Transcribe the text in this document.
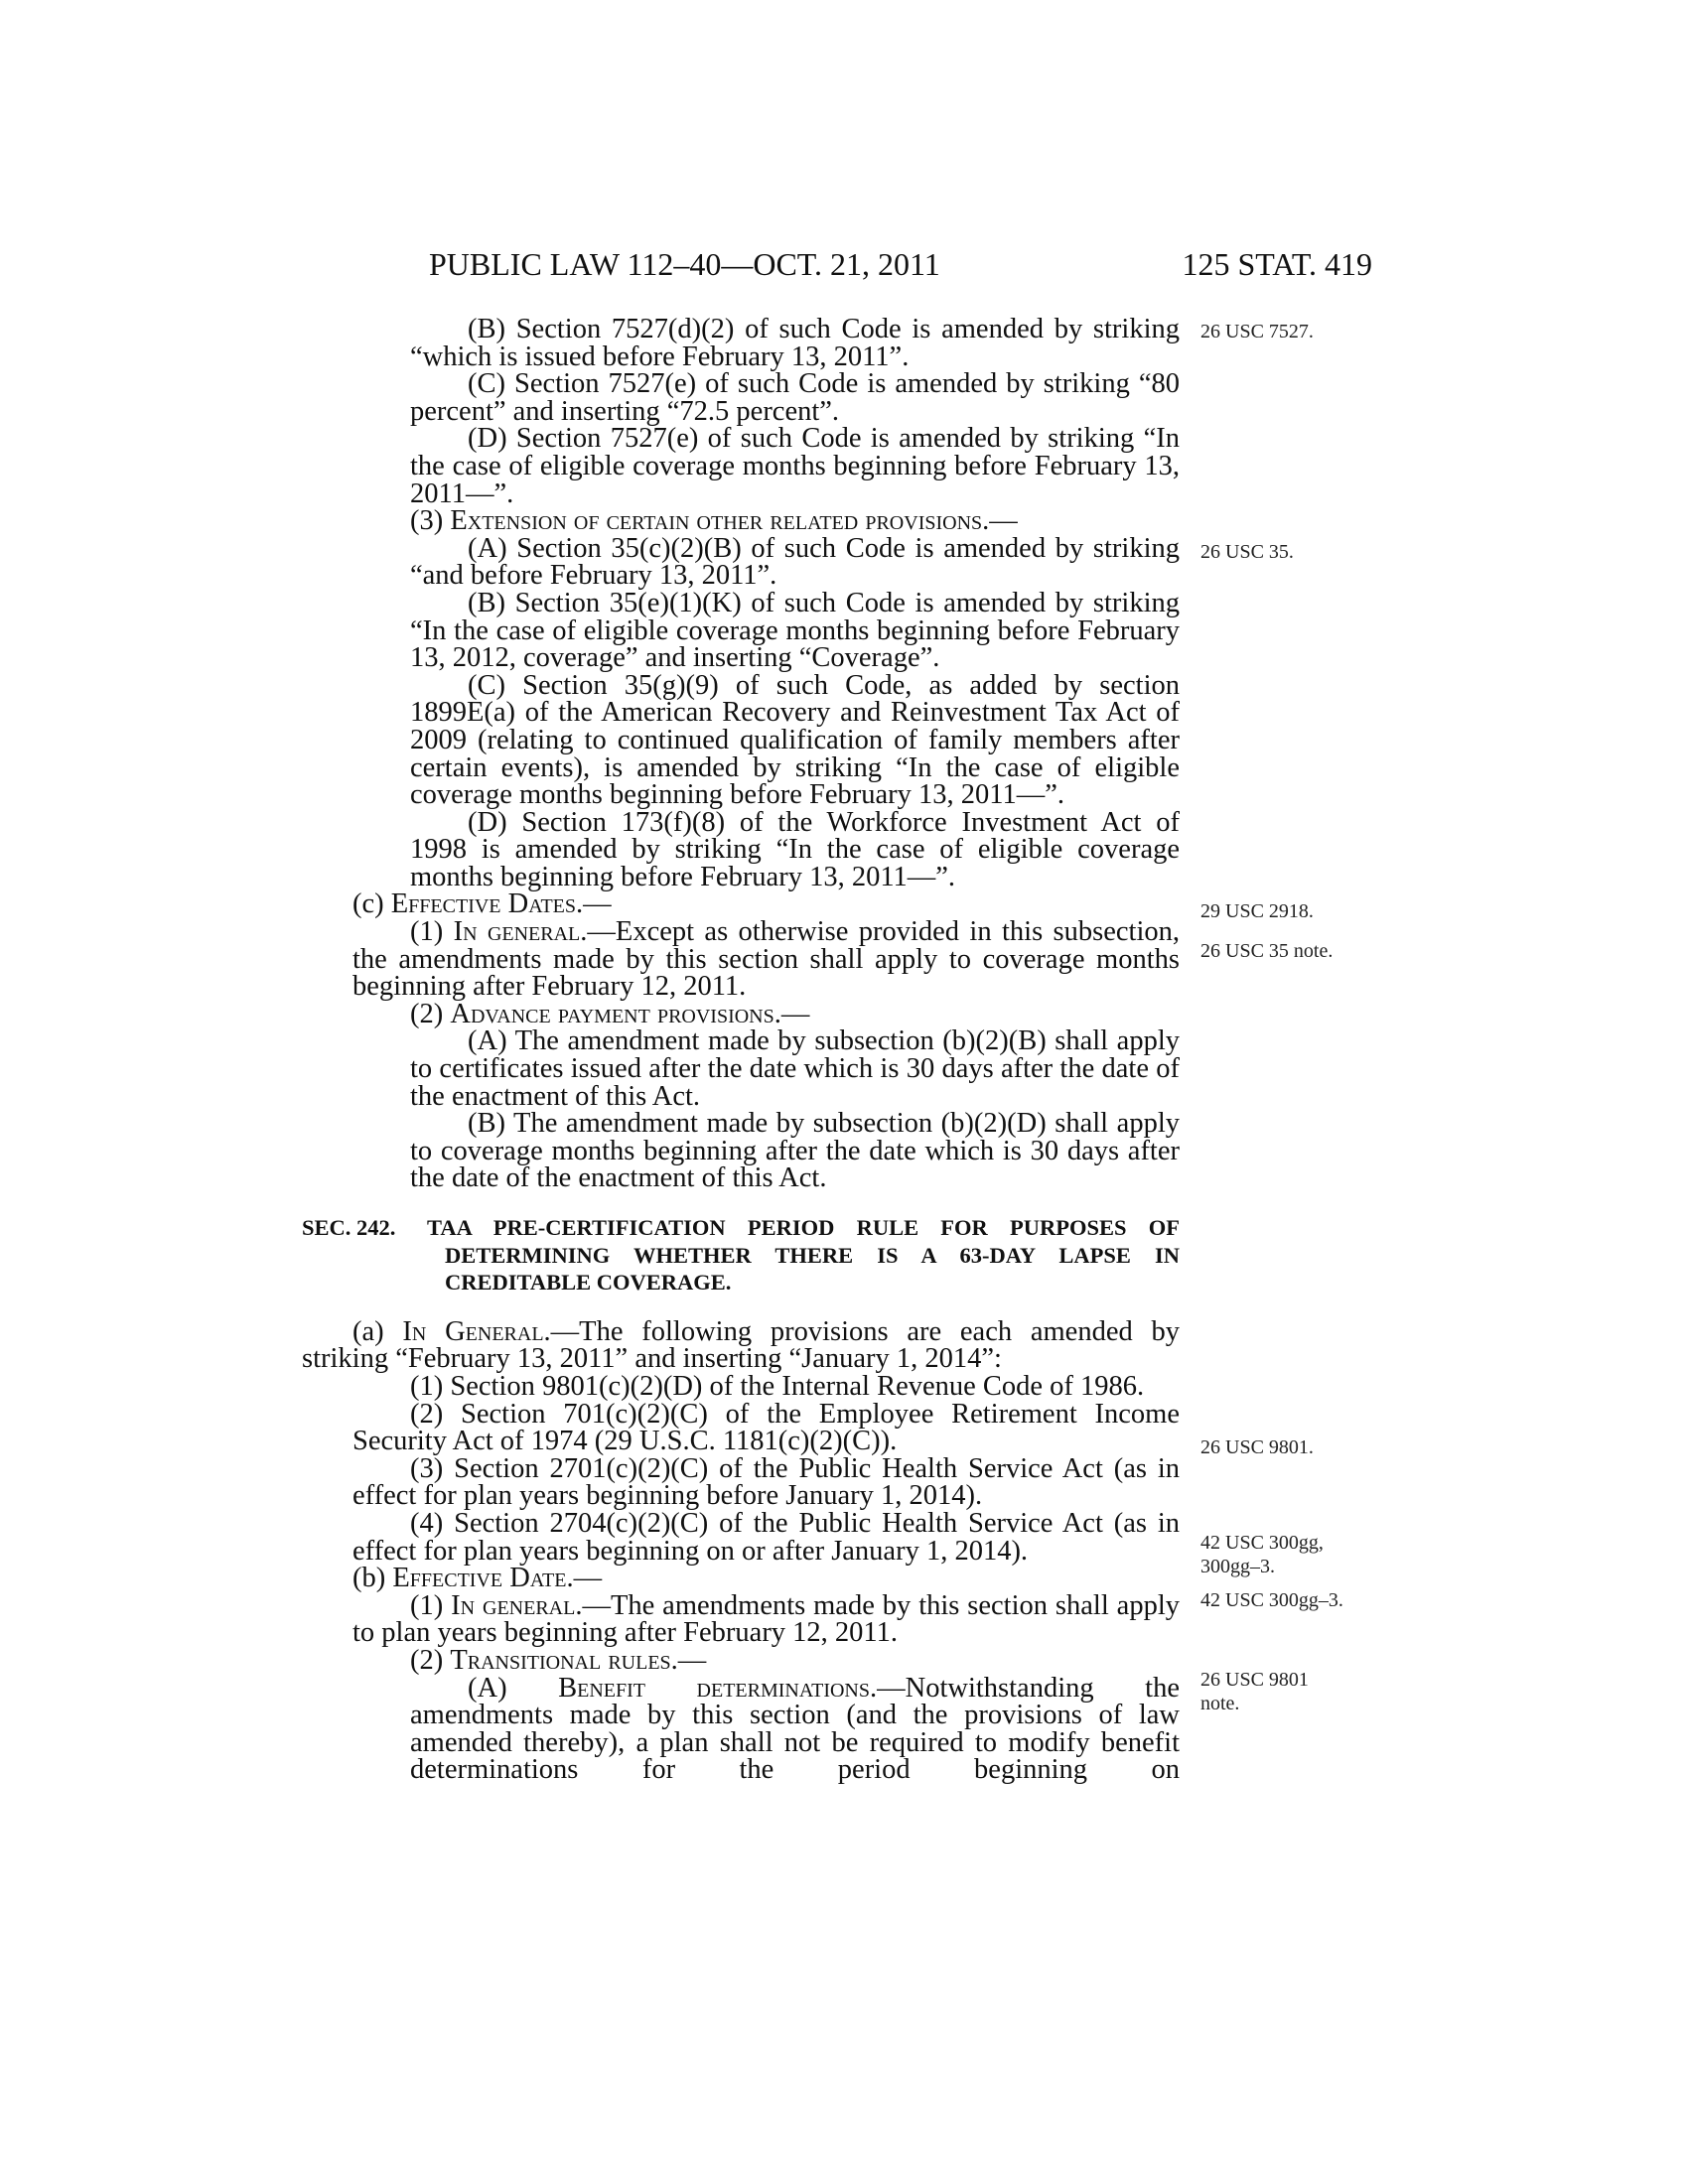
PUBLIC LAW 112–40—OCT. 21, 2011	125 STAT. 419
(B) Section 7527(d)(2) of such Code is amended by striking “which is issued before February 13, 2011”.
(C) Section 7527(e) of such Code is amended by striking “80 percent” and inserting “72.5 percent”.
(D) Section 7527(e) of such Code is amended by striking “In the case of eligible coverage months beginning before February 13, 2011—”.
(3) Extension of certain other related provisions.—
(A) Section 35(c)(2)(B) of such Code is amended by striking “and before February 13, 2011”.
(B) Section 35(e)(1)(K) of such Code is amended by striking “In the case of eligible coverage months beginning before February 13, 2012, coverage” and inserting “Coverage”.
(C) Section 35(g)(9) of such Code, as added by section 1899E(a) of the American Recovery and Reinvestment Tax Act of 2009 (relating to continued qualification of family members after certain events), is amended by striking “In the case of eligible coverage months beginning before February 13, 2011—”.
(D) Section 173(f)(8) of the Workforce Investment Act of 1998 is amended by striking “In the case of eligible coverage months beginning before February 13, 2011—”.
(c) Effective Dates.—
(1) In general.—Except as otherwise provided in this subsection, the amendments made by this section shall apply to coverage months beginning after February 12, 2011.
(2) Advance payment provisions.—
(A) The amendment made by subsection (b)(2)(B) shall apply to certificates issued after the date which is 30 days after the date of the enactment of this Act.
(B) The amendment made by subsection (b)(2)(D) shall apply to coverage months beginning after the date which is 30 days after the date of the enactment of this Act.
SEC. 242.	TAA PRE-CERTIFICATION PERIOD RULE FOR PURPOSES OF
DETERMINING WHETHER THERE IS A 63-DAY LAPSE IN
CREDITABLE COVERAGE.
(a) In General.—The following provisions are each amended by striking “February 13, 2011” and inserting “January 1, 2014”:
(1) Section 9801(c)(2)(D) of the Internal Revenue Code of 1986.
(2) Section 701(c)(2)(C) of the Employee Retirement Income Security Act of 1974 (29 U.S.C. 1181(c)(2)(C)).
(3) Section 2701(c)(2)(C) of the Public Health Service Act (as in effect for plan years beginning before January 1, 2014).
(4) Section 2704(c)(2)(C) of the Public Health Service Act (as in effect for plan years beginning on or after January 1, 2014).
(b) Effective Date.—
(1) In general.—The amendments made by this section shall apply to plan years beginning after February 12, 2011.
(2) Transitional rules.—
(A) Benefit determinations.—Notwithstanding the amendments made by this section (and the provisions of law amended thereby), a plan shall not be required to modify benefit determinations for the period beginning on
26 USC 7527.
26 USC 35.
29 USC 2918.
26 USC 35 note.
26 USC 9801.
42 USC 300gg,
300gg–3.
42 USC 300gg–3.
26 USC 9801
note.
